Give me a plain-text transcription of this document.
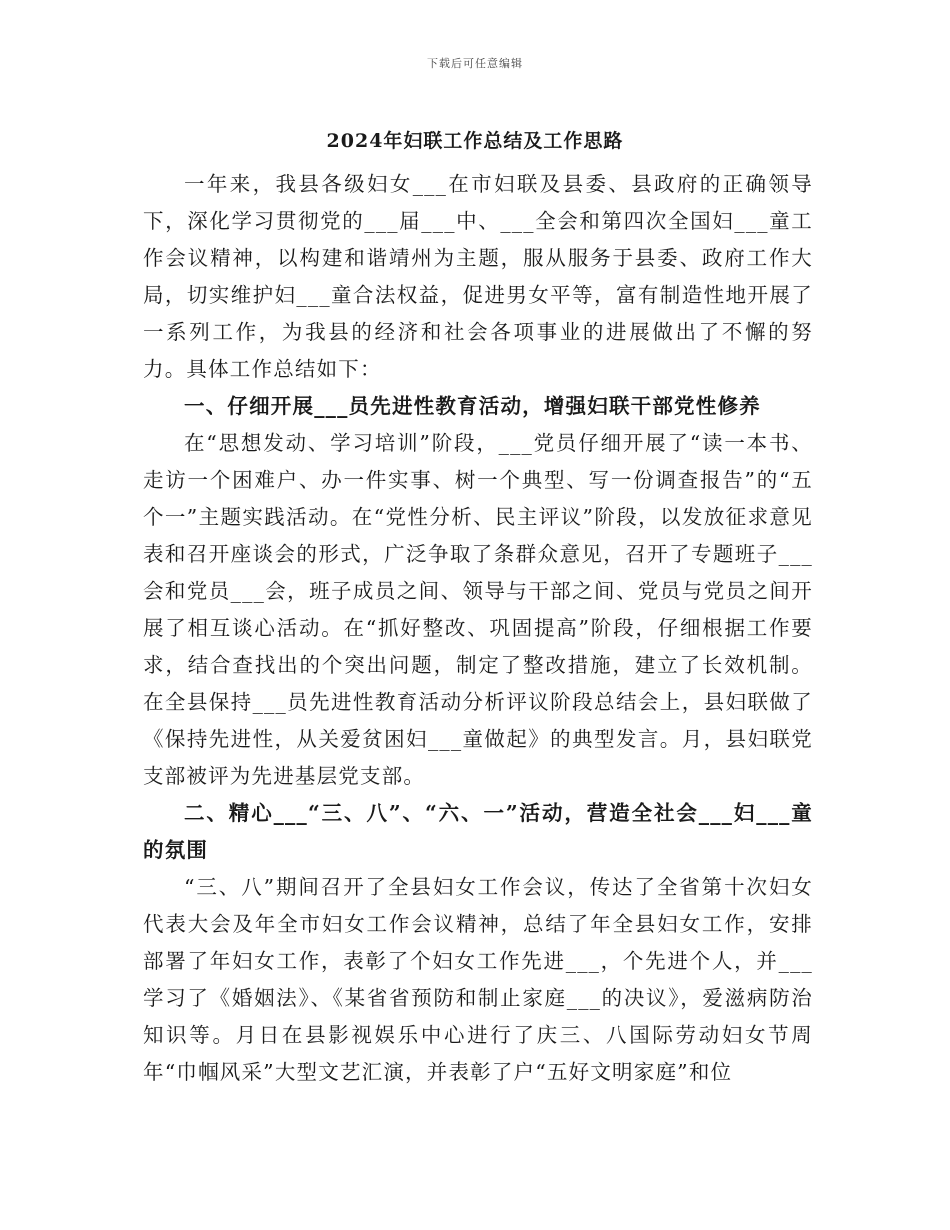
下载后可任意编辑
2024年妇联工作总结及工作思路

一年来，我县各级妇女___在市妇联及县委、县政府的正确领导下，深化学习贯彻党的___届___中、___全会和第四次全国妇___童工作会议精神，以构建和谐靖州为主题，服从服务于县委、政府工作大局，切实维护妇___童合法权益，促进男女平等，富有制造性地开展了一系列工作，为我县的经济和社会各项事业的进展做出了不懈的努力。具体工作总结如下：

一、仔细开展___员先进性教育活动，增强妇联干部党性修养

在“思想发动、学习培训”阶段，___党员仔细开展了“读一本书、走访一个困难户、办一件实事、树一个典型、写一份调查报告”的“五个一”主题实践活动。在“党性分析、民主评议”阶段，以发放征求意见表和召开座谈会的形式，广泛争取了条群众意见，召开了专题班子___会和党员___会，班子成员之间、领导与干部之间、党员与党员之间开展了相互谈心活动。在“抓好整改、巩固提高”阶段，仔细根据工作要求，结合查找出的个突出问题，制定了整改措施，建立了长效机制。在全县保持___员先进性教育活动分析评议阶段总结会上，县妇联做了《保持先进性，从关爱贫困妇___童做起》的典型发言。月，县妇联党支部被评为先进基层党支部。

二、精心___“三、八”、“六、一”活动，营造全社会___妇___童的氛围

“三、八”期间召开了全县妇女工作会议，传达了全省第十次妇女代表大会及年全市妇女工作会议精神，总结了年全县妇女工作，安排部署了年妇女工作，表彰了个妇女工作先进___，个先进个人，并___学习了《婚姻法》、《某省省预防和制止家庭___的决议》，爱滋病防治知识等。月日在县影视娱乐中心进行了庆三、八国际劳动妇女节周年“巾帼风采”大型文艺汇演，并表彰了户“五好文明家庭”和位
